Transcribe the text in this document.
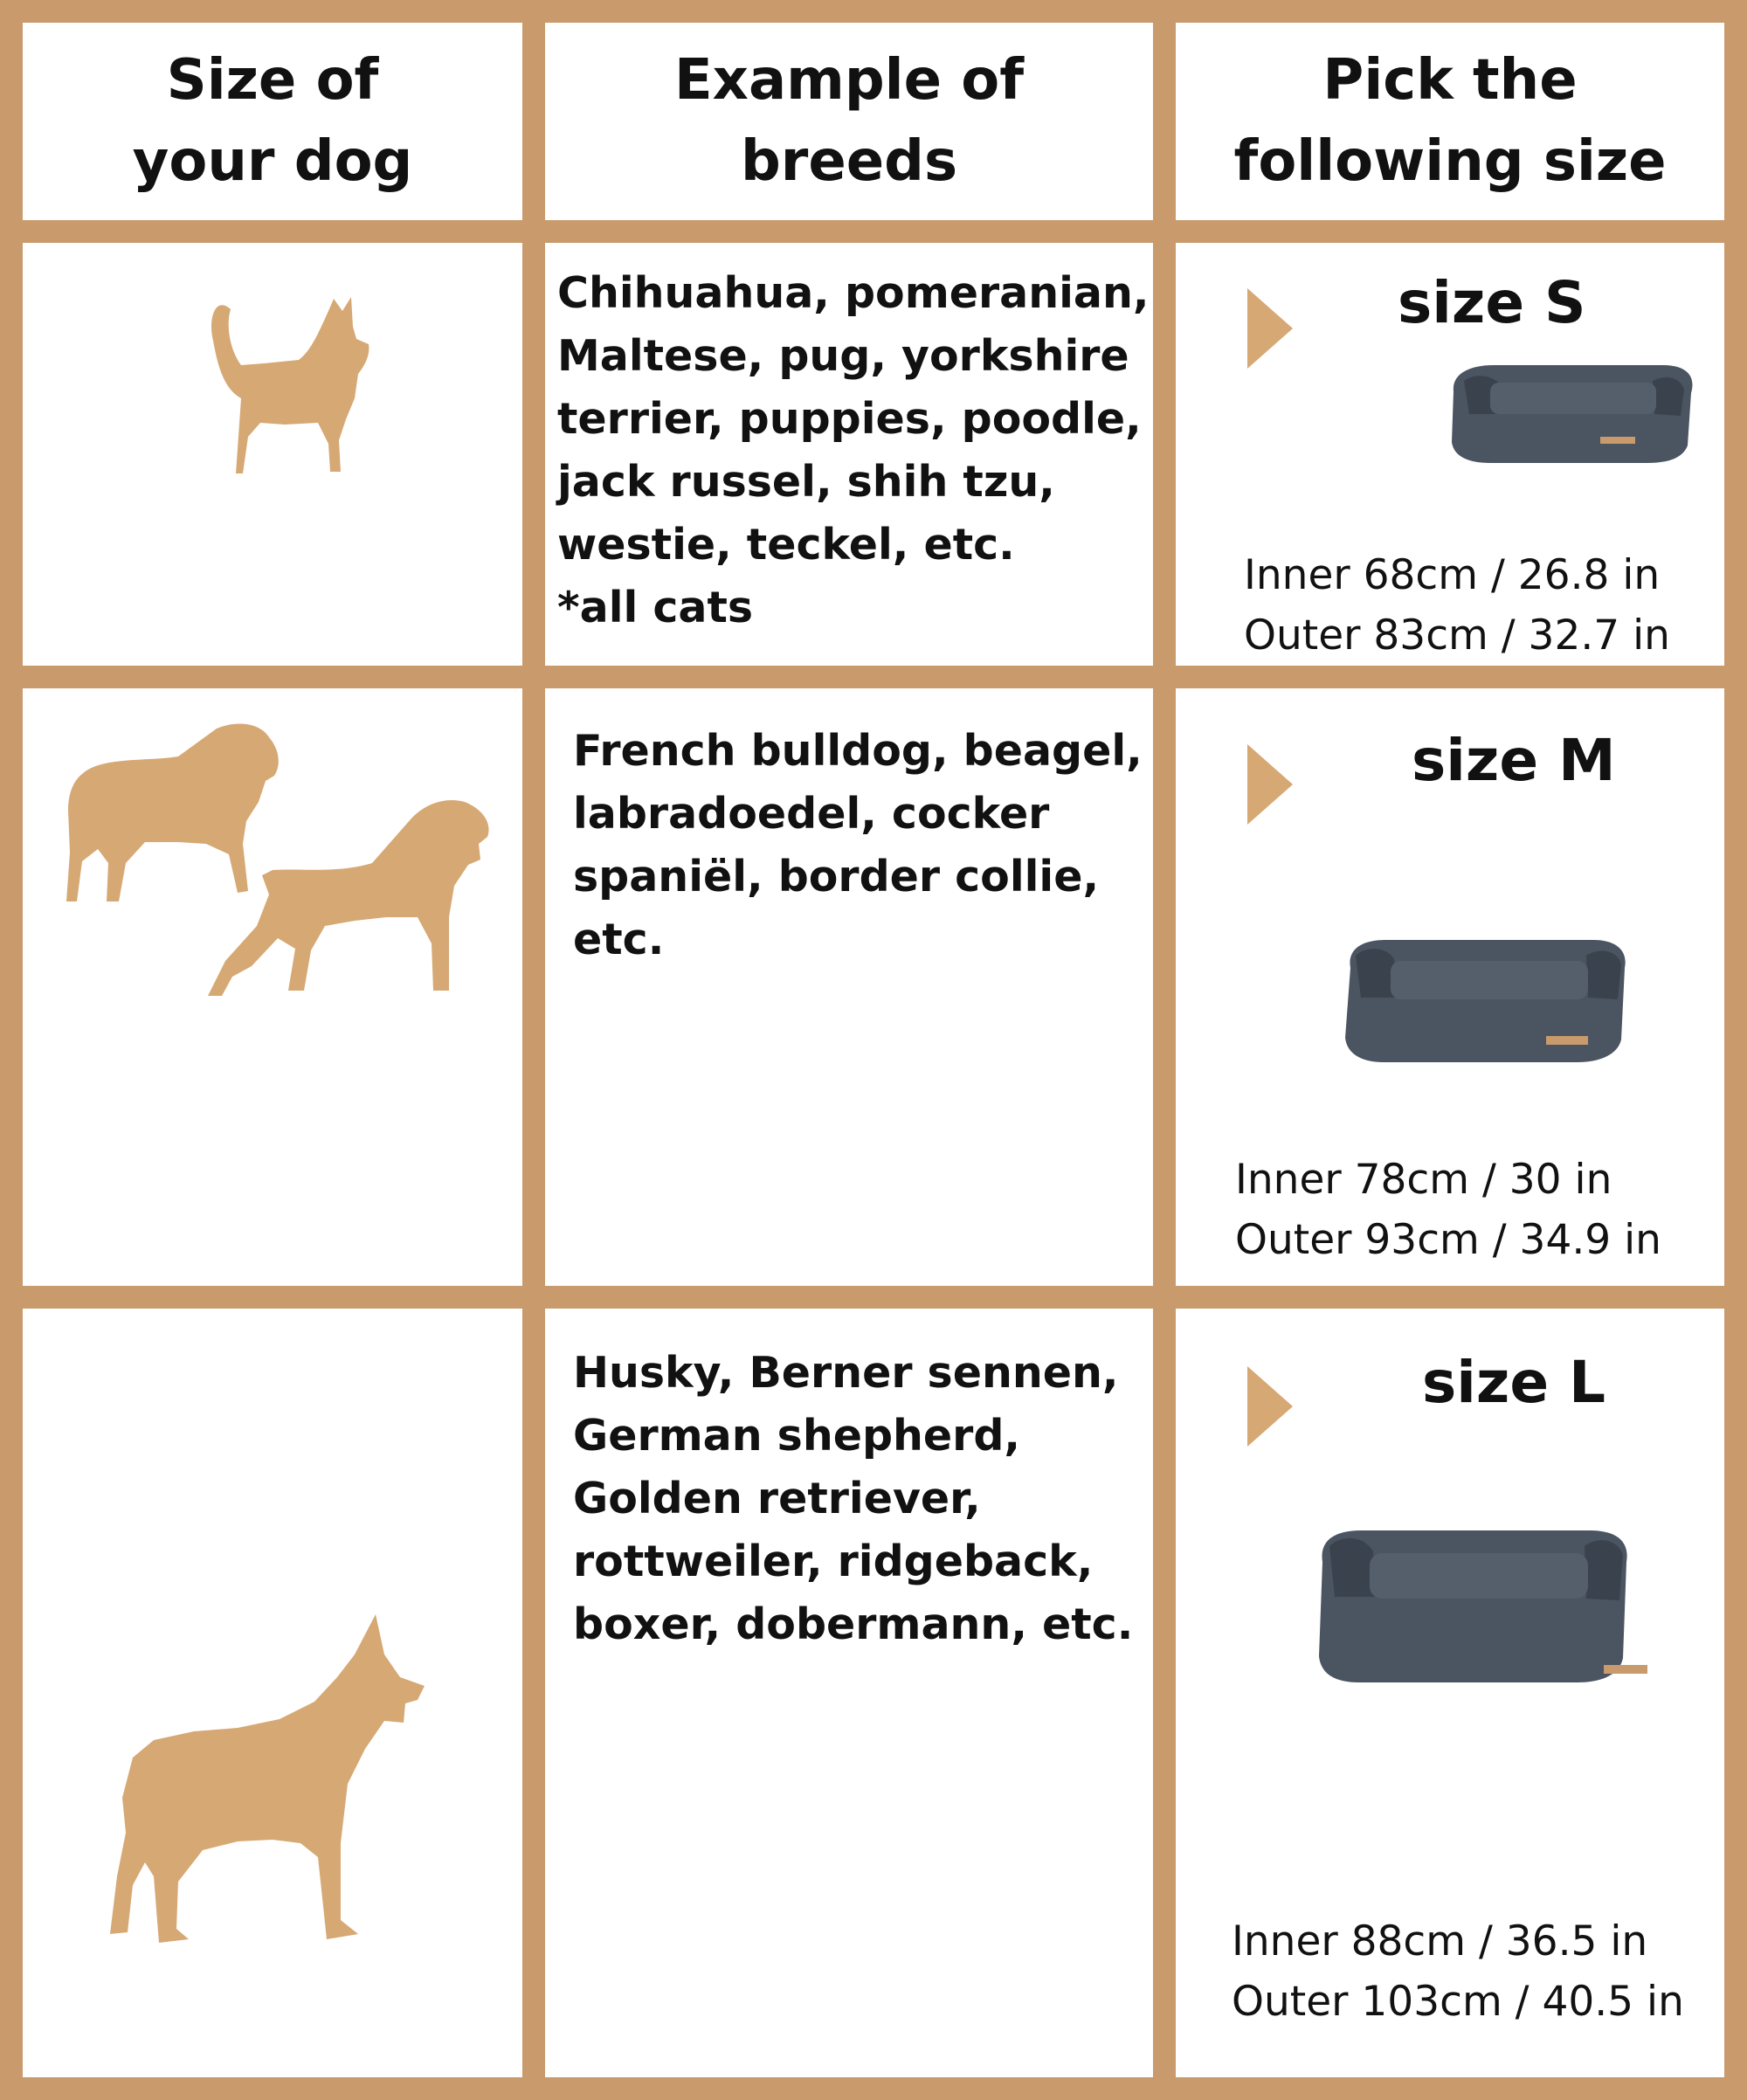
Size of
your dog
Example of
breeds
Pick the
following size
Chihuahua, pomeranian,
Maltese, pug, yorkshire
terrier, puppies, poodle,
jack russel, shih tzu,
westie, teckel, etc.
*all cats
size S
Inner 68cm / 26.8 in
Outer 83cm / 32.7 in
French bulldog, beagel,
labradoedel, cocker
spaniël, border collie,
etc.
size M
Inner 78cm / 30 in
Outer 93cm / 34.9 in
Husky, Berner sennen,
German shepherd,
Golden retriever,
rottweiler, ridgeback,
boxer, dobermann, etc.
size L
Inner 88cm / 36.5 in
Outer 103cm / 40.5 in
